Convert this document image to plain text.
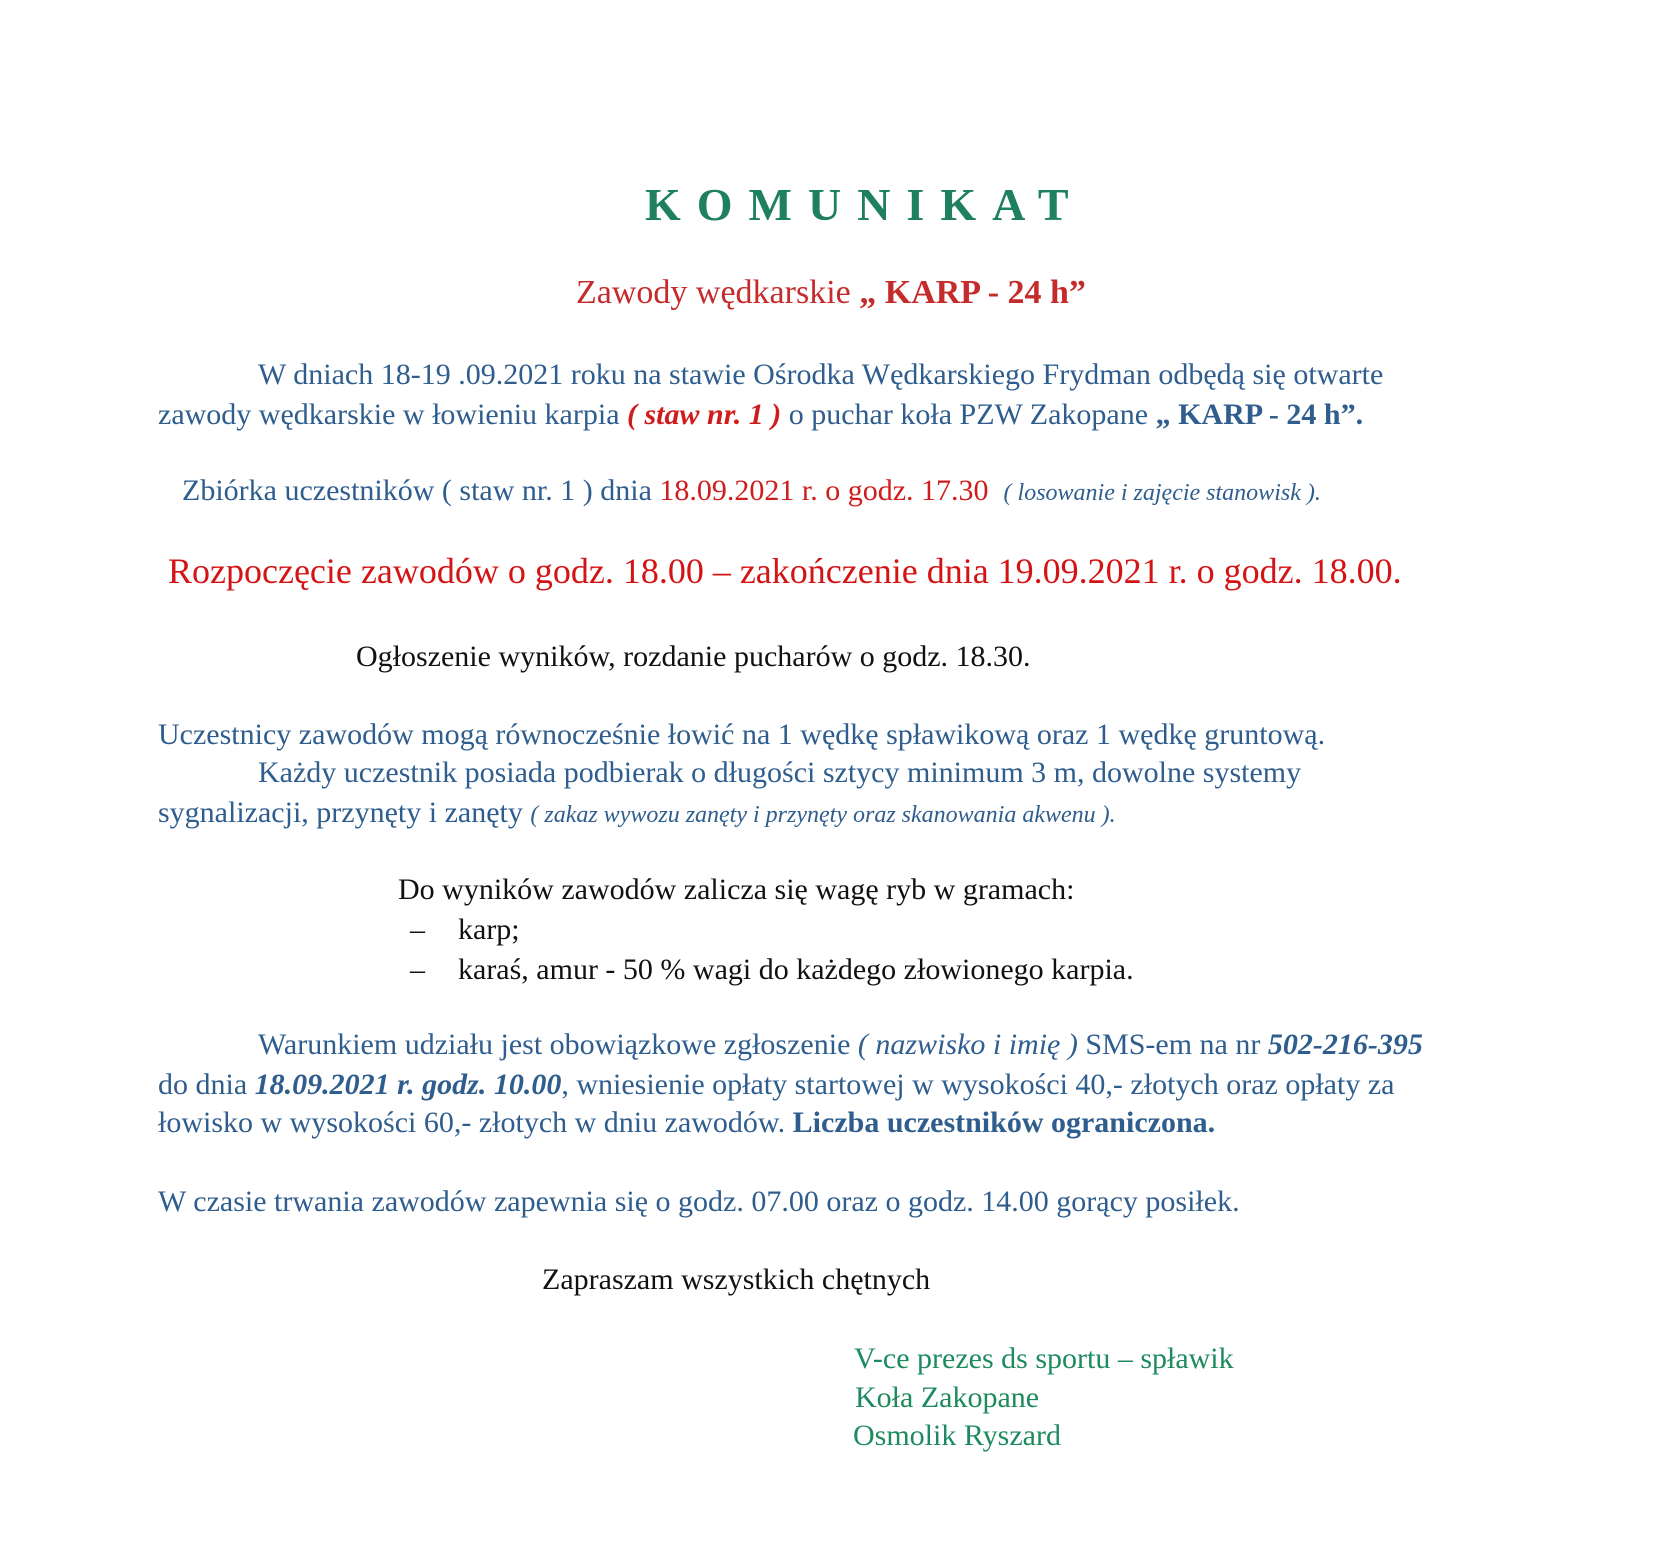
KOMUNIKAT
Zawody wędkarskie „ KARP - 24 h”
W dniach 18-19 .09.2021 roku na stawie Ośrodka Wędkarskiego Frydman odbędą się otwarte
zawody wędkarskie w łowieniu karpia ( staw nr. 1 ) o puchar koła PZW Zakopane „ KARP - 24 h”.
Zbiórka uczestników ( staw nr. 1 ) dnia 18.09.2021 r. o godz. 17.30 ( losowanie i zajęcie stanowisk ).
Rozpoczęcie zawodów o godz. 18.00 – zakończenie dnia 19.09.2021 r. o godz. 18.00.
Ogłoszenie wyników, rozdanie pucharów o godz. 18.30.
Uczestnicy zawodów mogą równocześnie łowić na 1 wędkę spławikową oraz 1 wędkę gruntową.
Każdy uczestnik posiada podbierak o długości sztycy minimum 3 m, dowolne systemy
sygnalizacji, przynęty i zanęty ( zakaz wywozu zanęty i przynęty oraz skanowania akwenu ).
Do wyników zawodów zalicza się wagę ryb w gramach:
– karp;
– karaś, amur - 50 % wagi do każdego złowionego karpia.
Warunkiem udziału jest obowiązkowe zgłoszenie ( nazwisko i imię ) SMS-em na nr 502-216-395
do dnia 18.09.2021 r. godz. 10.00, wniesienie opłaty startowej w wysokości 40,- złotych oraz opłaty za
łowisko w wysokości 60,- złotych w dniu zawodów. Liczba uczestników ograniczona.
W czasie trwania zawodów zapewnia się o godz. 07.00 oraz o godz. 14.00 gorący posiłek.
Zapraszam wszystkich chętnych
V-ce prezes ds sportu – spławik
Koła Zakopane
Osmolik Ryszard
